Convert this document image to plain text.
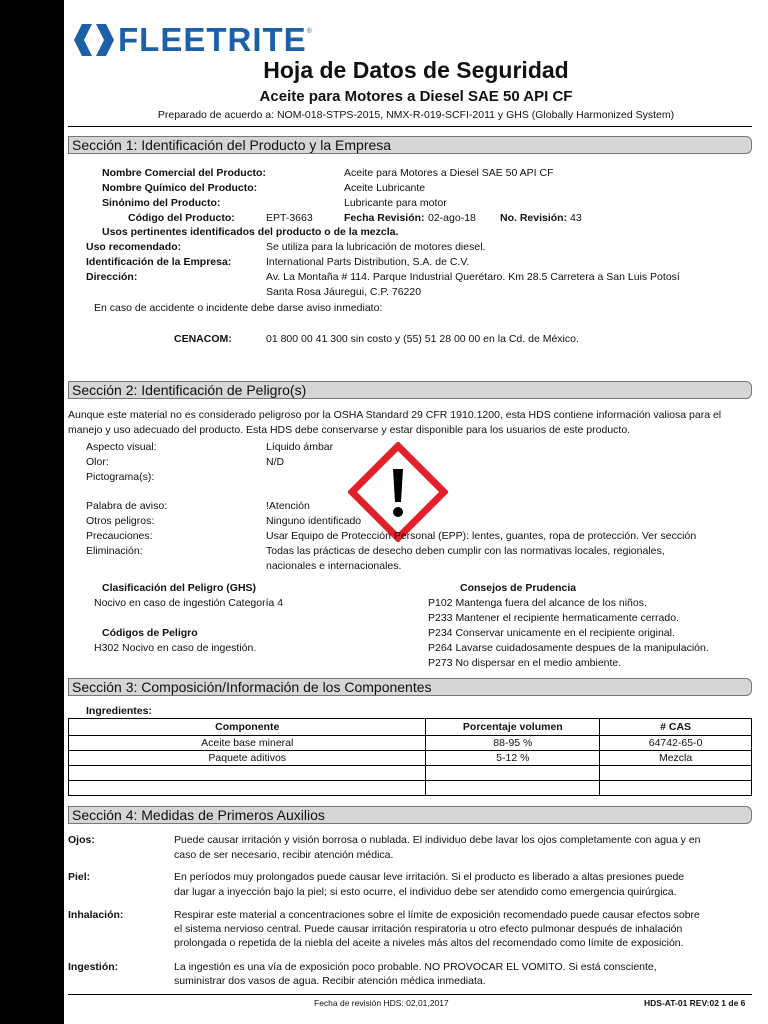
FLEETRITE ®
Hoja de Datos de Seguridad
Aceite para Motores a Diesel SAE 50 API CF
Preparado de acuerdo a: NOM-018-STPS-2015, NMX-R-019-SCFI-2011 y GHS (Globally Harmonized System)
Sección 1: Identificación del Producto y la Empresa
Nombre Comercial del Producto:	Aceite para Motores a Diesel SAE 50 API CF
Nombre Químico del Producto:	Aceite Lubricante
Sinónimo del Producto:	Lubricante para motor
Código del Producto:	EPT-3663	Fecha Revisión: 02-ago-18 No. Revisión: 43
Usos pertinentes identificados del producto o de la mezcla.
Uso recomendado:	Se utiliza para la lubricación de motores diesel.
Identificación de la Empresa:	International Parts Distribution, S.A. de C.V.
Dirección:	Av. La Montaña # 114. Parque Industrial Querétaro. Km 28.5 Carretera a San Luis Potosí
Santa Rosa Jáuregui, C.P. 76220
En caso de accidente o incidente debe darse aviso inmediato:
CENACOM:	01 800 00 41 300 sin costo y (55) 51 28 00 00 en la Cd. de México.
Sección 2: Identificación de Peligro(s)
Aunque este material no es considerado peligroso por la OSHA Standard 29 CFR 1910.1200, esta HDS contiene información valiosa para el
manejo y uso adecuado del producto. Esta HDS debe conservarse y estar disponible para los usuarios de este producto.
Aspecto visual:	Líquido ámbar
Olor:	N/D
Pictograma(s):
Palabra de aviso:	!Atención
Otros peligros:	Ninguno identificado
Precauciones:	Usar Equipo de Protección Personal (EPP): lentes, guantes, ropa de protección. Ver sección
Eliminación:	Todas las prácticas de desecho deben cumplir con las normativas locales, regionales,
nacionales e internacionales.
Clasificación del Peligro (GHS)
Nocivo en caso de ingestión Categoría 4
Códigos de Peligro
H302 Nocivo en caso de ingestión.
Consejos de Prudencia
P102 Mantenga fuera del alcance de los niños.
P233 Mantener el recipiente hermaticamente cerrado.
P234 Conservar unicamente en el recipiente original.
P264 Lavarse cuidadosamente despues de la manipulación.
P273 No dispersar en el medio ambiente.
Sección 3: Composición/Información de los Componentes
Ingredientes:
Componente	Porcentaje volumen	# CAS
Aceite base mineral	88-95 %	64742-65-0
Paquete aditivos	5-12 %	Mezcla

Sección 4: Medidas de Primeros Auxilios
Ojos:	Puede causar irritación y visión borrosa o nublada. El individuo debe lavar los ojos completamente con agua y en
caso de ser necesario, recibir atención médica.
Piel:	En períodos muy prolongados puede causar leve irritación. Si el producto es liberado a altas presiones puede
dar lugar a inyección bajo la piel; si esto ocurre, el individuo debe ser atendido como emergencia quirúrgica.
Inhalación:	Respirar este material a concentraciones sobre el límite de exposición recomendado puede causar efectos sobre
el sistema nervioso central. Puede causar irritación respiratoria u otro efecto pulmonar después de inhalación
prolongada o repetida de la niebla del aceite a niveles más altos del recomendado como límite de exposición.
Ingestión:	La ingestión es una vía de exposición poco probable. NO PROVOCAR EL VOMITO. Si está consciente,
suministrar dos vasos de agua. Recibir atención médica inmediata.
Fecha de revisión HDS: 02,01,2017	HDS-AT-01 REV:02 1 de 6
